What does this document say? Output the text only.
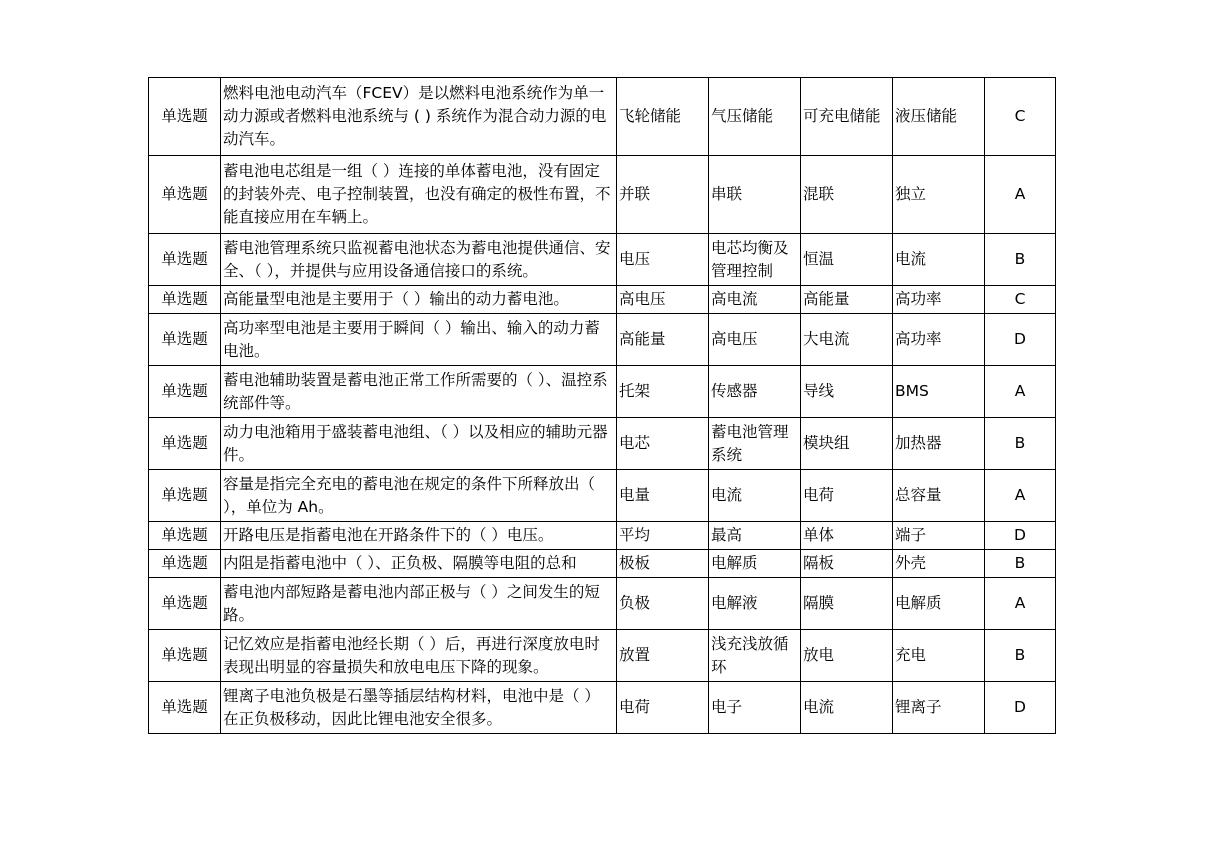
单选题	燃料电池电动汽车（FCEV）是以燃料电池系统作为单一动力源或者燃料电池系统与 ( ) 系统作为混合动力源的电动汽车。	飞轮储能	气压储能	可充电储能	液压储能	C
单选题	蓄电池电芯组是一组（ ）连接的单体蓄电池，没有固定的封装外壳、电子控制装置，也没有确定的极性布置，不能直接应用在车辆上。	并联	串联	混联	独立	A
单选题	蓄电池管理系统只监视蓄电池状态为蓄电池提供通信、安全、（ ），并提供与应用设备通信接口的系统。	电压	电芯均衡及管理控制	恒温	电流	B
单选题	高能量型电池是主要用于（ ）输出的动力蓄电池。	高电压	高电流	高能量	高功率	C
单选题	高功率型电池是主要用于瞬间（ ）输出、输入的动力蓄电池。	高能量	高电压	大电流	高功率	D
单选题	蓄电池辅助装置是蓄电池正常工作所需要的（ ）、温控系统部件等。	托架	传感器	导线	BMS	A
单选题	动力电池箱用于盛装蓄电池组、（ ）以及相应的辅助元器件。	电芯	蓄电池管理系统	模块组	加热器	B
单选题	容量是指完全充电的蓄电池在规定的条件下所释放出（ ），单位为 Ah。	电量	电流	电荷	总容量	A
单选题	开路电压是指蓄电池在开路条件下的（ ）电压。	平均	最高	单体	端子	D
单选题	内阻是指蓄电池中（ ）、正负极、隔膜等电阻的总和	极板	电解质	隔板	外壳	B
单选题	蓄电池内部短路是蓄电池内部正极与（ ）之间发生的短路。	负极	电解液	隔膜	电解质	A
单选题	记忆效应是指蓄电池经长期（ ）后，再进行深度放电时表现出明显的容量损失和放电电压下降的现象。	放置	浅充浅放循环	放电	充电	B
单选题	锂离子电池负极是石墨等插层结构材料，电池中是（ ）在正负极移动，因此比锂电池安全很多。	电荷	电子	电流	锂离子	D
